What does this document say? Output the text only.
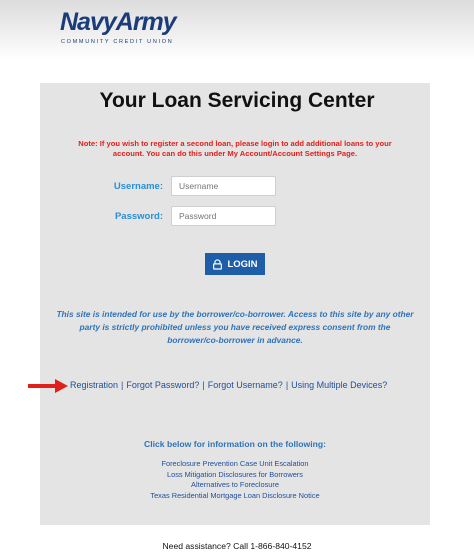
NavyArmy
COMMUNITY CREDIT UNION
Your Loan Servicing Center
Note: If you wish to register a second loan, please login to add additional loans to your account. You can do this under My Account/Account Settings Page.
Username:
Username
Password:
LOGIN
This site is intended for use by the borrower/co-borrower. Access to this site by any other party is strictly prohibited unless you have received express consent from the borrower/co-borrower in advance.
Registration | Forgot Password? | Forgot Username? | Using Multiple Devices?
Click below for information on the following:
Foreclosure Prevention Case Unit Escalation
Loss Mitigation Disclosures for Borrowers
Alternatives to Foreclosure
Texas Residential Mortgage Loan Disclosure Notice
Need assistance? Call 1-866-840-4152
